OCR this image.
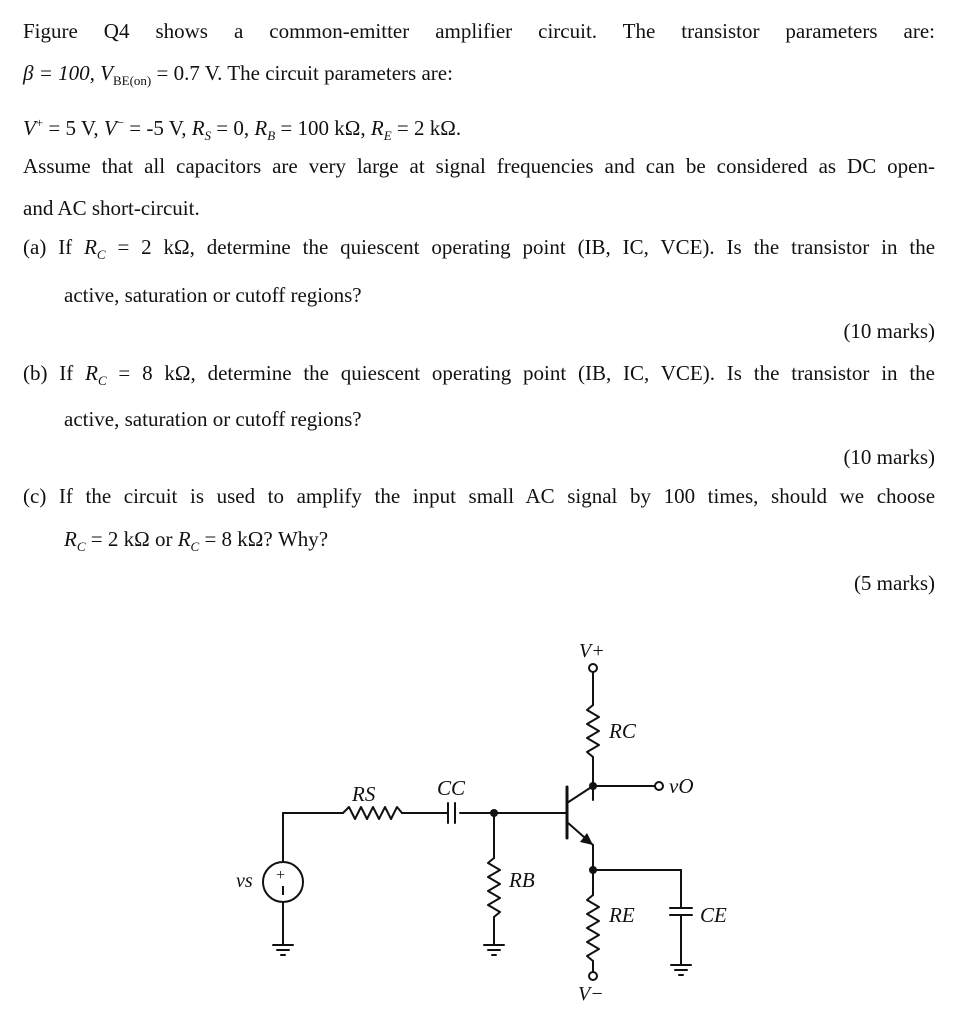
Figure Q4 shows a common-emitter amplifier circuit. The transistor parameters are:
β = 100, $V_{BE(on)} = 0.7$ V. The circuit parameters are:
V+ = 5 V, V− = -5 V, $R_S = 0$, $R_B = 100$ kΩ, $R_E = 2$ kΩ.
Assume that all capacitors are very large at signal frequencies and can be considered as DC open-
and AC short-circuit.
(a) If $R_C = 2$ kΩ, determine the quiescent operating point (IB, IC, VCE). Is the transistor in the
active, saturation or cutoff regions?
(10 marks)
(b) If $R_C = 8$ kΩ, determine the quiescent operating point (IB, IC, VCE). Is the transistor in the
active, saturation or cutoff regions?
(10 marks)
(c) If the circuit is used to amplify the input small AC signal by 100 times, should we choose
$R_C = 2$ kΩ or $R_C = 8$ kΩ? Why?
(5 marks)
+
V+
RC
vO
CC
RS
RB
vs
RE	CE
V−
